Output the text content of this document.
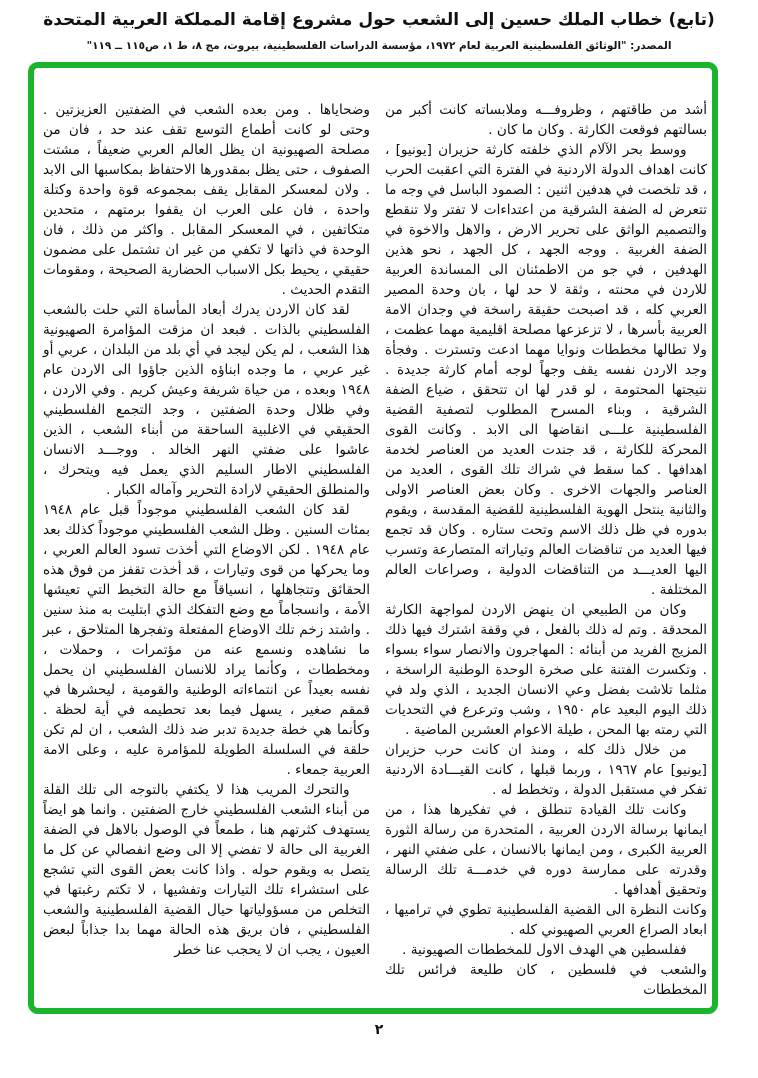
(تابع) خطاب الملك حسين إلى الشعب حول مشروع إقامة المملكة العربية المتحدة
المصدر: "الوثائق الفلسطينية العربية لعام ١٩٧٢، مؤسسة الدراسات الفلسطينية، بيروت، مج ٨، ط ١، ص١١٥ ــ ١١٩"

أشد من طاقتهم ، وظروفـــه وملابساته كانت أكبر من بسالتهم فوقعت الكارثة . وكان ما كان .

ووسط بحر الآلام الذي خلفته كارثة حزيران [يونيو] ، كانت اهداف الدولة الاردنية في الفترة التي اعقبت الحرب ، قد تلخصت في هدفين اثنين : الصمود الباسل في وجه ما تتعرض له الضفة الشرقية من اعتداءات لا تفتر ولا تنقطع والتصميم الواثق على تحرير الارض ، والاهل والاخوة في الضفة الغربية . ووجه الجهد ، كل الجهد ، نحو هذين الهدفين ، في جو من الاطمئنان الى المساندة العربية للاردن في محنته ، وثقة لا حد لها ، بان وحدة المصير العربي كله ، قد اصبحت حقيقة راسخة في وجدان الامة العربية بأسرها ، لا تزعزعها مصلحة اقليمية مهما عظمت ، ولا تطالها مخططات ونوايا مهما ادعت وتسترت . وفجأة وجد الاردن نفسه يقف وجهاً لوجه أمام كارثة جديدة . نتيجتها المحتومة ، لو قدر لها ان تتحقق ، ضياع الضفة الشرقية ، وبناء المسرح المطلوب لتصفية القضية الفلسطينية علـــى انقاضها الى الابد . وكانت القوى المحركة للكارثة ، قد جندت العديد من العناصر لخدمة اهدافها . كما سقط في شراك تلك القوى ، العديد من العناصر والجهات الاخرى . وكان بعض العناصر الاولى والثانية ينتحل الهوية الفلسطينية للقضية المقدسة ، ويقوم بدوره في ظل ذلك الاسم وتحت ستاره . وكان قد تجمع فيها العديد من تناقضات العالم وتياراته المتصارعة وتسرب اليها العديـــد من التناقضات الدولية ، وصراعات العالم المختلفة .

وكان من الطبيعي ان ينهض الاردن لمواجهة الكارثة المحدقة . وتم له ذلك بالفعل ، في وقفة اشترك فيها ذلك المزيج الفريد من أبنائه : المهاجرون والانصار سواء بسواء . وتكسرت الفتنة على صخرة الوحدة الوطنية الراسخة ، مثلما تلاشت بفضل وعي الانسان الجديد ، الذي ولد في ذلك اليوم البعيد عام ١٩٥٠ ، وشب وترعرع في التحديات التي رمته بها المحن ، طيلة الاعوام العشرين الماضية .

من خلال ذلك كله ، ومنذ ان كانت حرب حزيران [يونيو] عام ١٩٦٧ ، وربما قبلها ، كانت القيـــادة الاردنية تفكر في مستقبل الدولة ، وتخطط له .

وكانت تلك القيادة تنطلق ، في تفكيرها هذا ، من ايمانها برسالة الاردن العربية ، المتحدرة من رسالة الثورة العربية الكبرى ، ومن ايمانها بالانسان ، على ضفتي النهر ، وقدرته على ممارسة دوره في خدمـــة تلك الرسالة وتحقيق أهدافها .

وكانت النظرة الى القضية الفلسطينية تطوي في تراميها ، ابعاد الصراع العربي الصهيوني كله .

ففلسطين هي الهدف الاول للمخططات الصهيونية .

والشعب في فلسطين ، كان طليعة فرائس تلك المخططات

وضحاياها . ومن بعده الشعب في الضفتين العزيزتين . وحتى لو كانت أطماع التوسع تقف عند حد ، فان من مصلحة الصهيونية ان يظل العالم العربي ضعيفاً ، مشتت الصفوف ، حتى يظل بمقدورها الاحتفاظ بمكاسبها الى الابد . ولان لمعسكر المقابل يقف بمجموعه قوة واحدة وكتلة واحدة ، فان على العرب ان يقفوا برمتهم ، متحدين متكاتفين ، في المعسكر المقابل . واكثر من ذلك ، فان الوحدة في ذاتها لا تكفي من غير ان تشتمل على مضمون حقيقي ، يحيط بكل الاسباب الحضارية الصحيحة ، ومقومات التقدم الحديث .

لقد كان الاردن يدرك أبعاد المأساة التي حلت بالشعب الفلسطيني بالذات . فبعد ان مزقت المؤامرة الصهيونية هذا الشعب ، لم يكن ليجد في أي بلد من البلدان ، عربي أو غير عربي ، ما وجده ابناؤه الذين جاؤوا الى الاردن عام ١٩٤٨ وبعده ، من حياة شريفة وعيش كريم . وفي الاردن ، وفي ظلال وحدة الضفتين ، وجد التجمع الفلسطيني الحقيقي في الاغلبية الساحقة من أبناء الشعب ، الذين عاشوا على ضفتي النهر الخالد . ووجـــد الانسان الفلسطيني الاطار السليم الذي يعمل فيه ويتحرك ، والمنطلق الحقيقي لارادة التحرير وآماله الكبار .

لقد كان الشعب الفلسطيني موجوداً قبل عام ١٩٤٨ بمئات السنين . وظل الشعب الفلسطيني موجوداً كذلك بعد عام ١٩٤٨ . لكن الاوضاع التي أخذت تسود العالم العربي ، وما يحركها من قوى وتيارات ، قد أخذت تقفز من فوق هذه الحقائق وتتجاهلها ، انسياقاً مع حالة التخبط التي تعيشها الأمة ، وانسجاماً مع وضع التفكك الذي ابتليت به منذ سنين . واشتد زخم تلك الاوضاع المفتعلة وتفجرها المتلاحق ، عبر ما نشاهده ونسمع عنه من مؤتمرات ، وحملات ، ومخططات ، وكأنما يراد للانسان الفلسطيني ان يحمل نفسه بعيداً عن انتماءاته الوطنية والقومية ، ليحشرها في قمقم صغير ، يسهل فيما بعد تحطيمه في أية لحظة . وكأنما هي خطة جديدة تدبر ضد ذلك الشعب ، ان لم تكن حلقة في السلسلة الطويلة للمؤامرة عليه ، وعلى الامة العربية جمعاء .

والتحرك المريب هذا لا يكتفي بالتوجه الى تلك القلة من أبناء الشعب الفلسطيني خارج الضفتين . وانما هو ايضاً يستهدف كثرتهم هنا ، طمعاً في الوصول بالاهل في الضفة الغربية الى حالة لا تفضي إلا الى وضع انفصالي عن كل ما يتصل به ويقوم حوله . واذا كانت بعض القوى التي تشجع على استشراء تلك التيارات وتفشيها ، لا تكتم رغبتها في التخلص من مسؤولياتها حيال القضية الفلسطينية والشعب الفلسطيني ، فان بريق هذه الحالة مهما بدا جذاباً لبعض العيون ، يجب ان لا يحجب عنا خطر

٢
